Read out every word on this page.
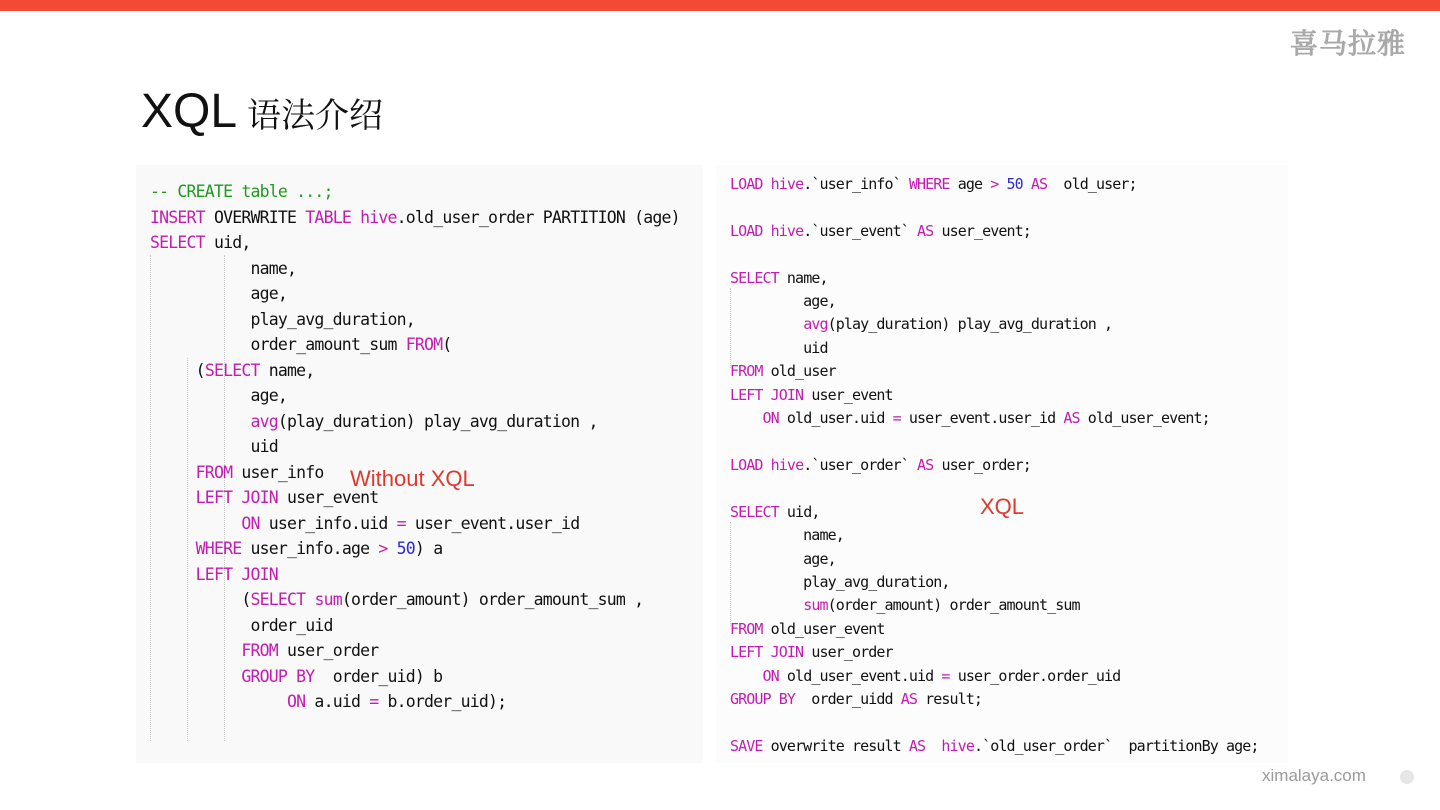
喜马拉雅
XQL 语法介绍
-- CREATE table ...;
INSERT OVERWRITE TABLE hive.old_user_order PARTITION (age)
SELECT uid,
name,
age,
play_avg_duration,
order_amount_sum FROM(
(SELECT name,
age,
avg(play_duration) play_avg_duration ,
uid
FROM user_info
LEFT JOIN user_event
ON user_info.uid = user_event.user_id
WHERE user_info.age > 50) a
LEFT JOIN
(SELECT sum(order_amount) order_amount_sum ,
order_uid
FROM user_order
GROUP BY  order_uid) b
ON a.uid = b.order_uid);
Without XQL
LOAD hive.`user_info` WHERE age > 50 AS  old_user;

LOAD hive.`user_event` AS user_event;

SELECT name,
age,
avg(play_duration) play_avg_duration ,
uid
FROM old_user
LEFT JOIN user_event
ON old_user.uid = user_event.user_id AS old_user_event;

LOAD hive.`user_order` AS user_order;

SELECT uid,
name,
age,
play_avg_duration,
sum(order_amount) order_amount_sum
FROM old_user_event
LEFT JOIN user_order
ON old_user_event.uid = user_order.order_uid
GROUP BY  order_uidd AS result;

SAVE overwrite result AS hive.`old_user_order`  partitionBy age;
XQL
ximalaya.com
